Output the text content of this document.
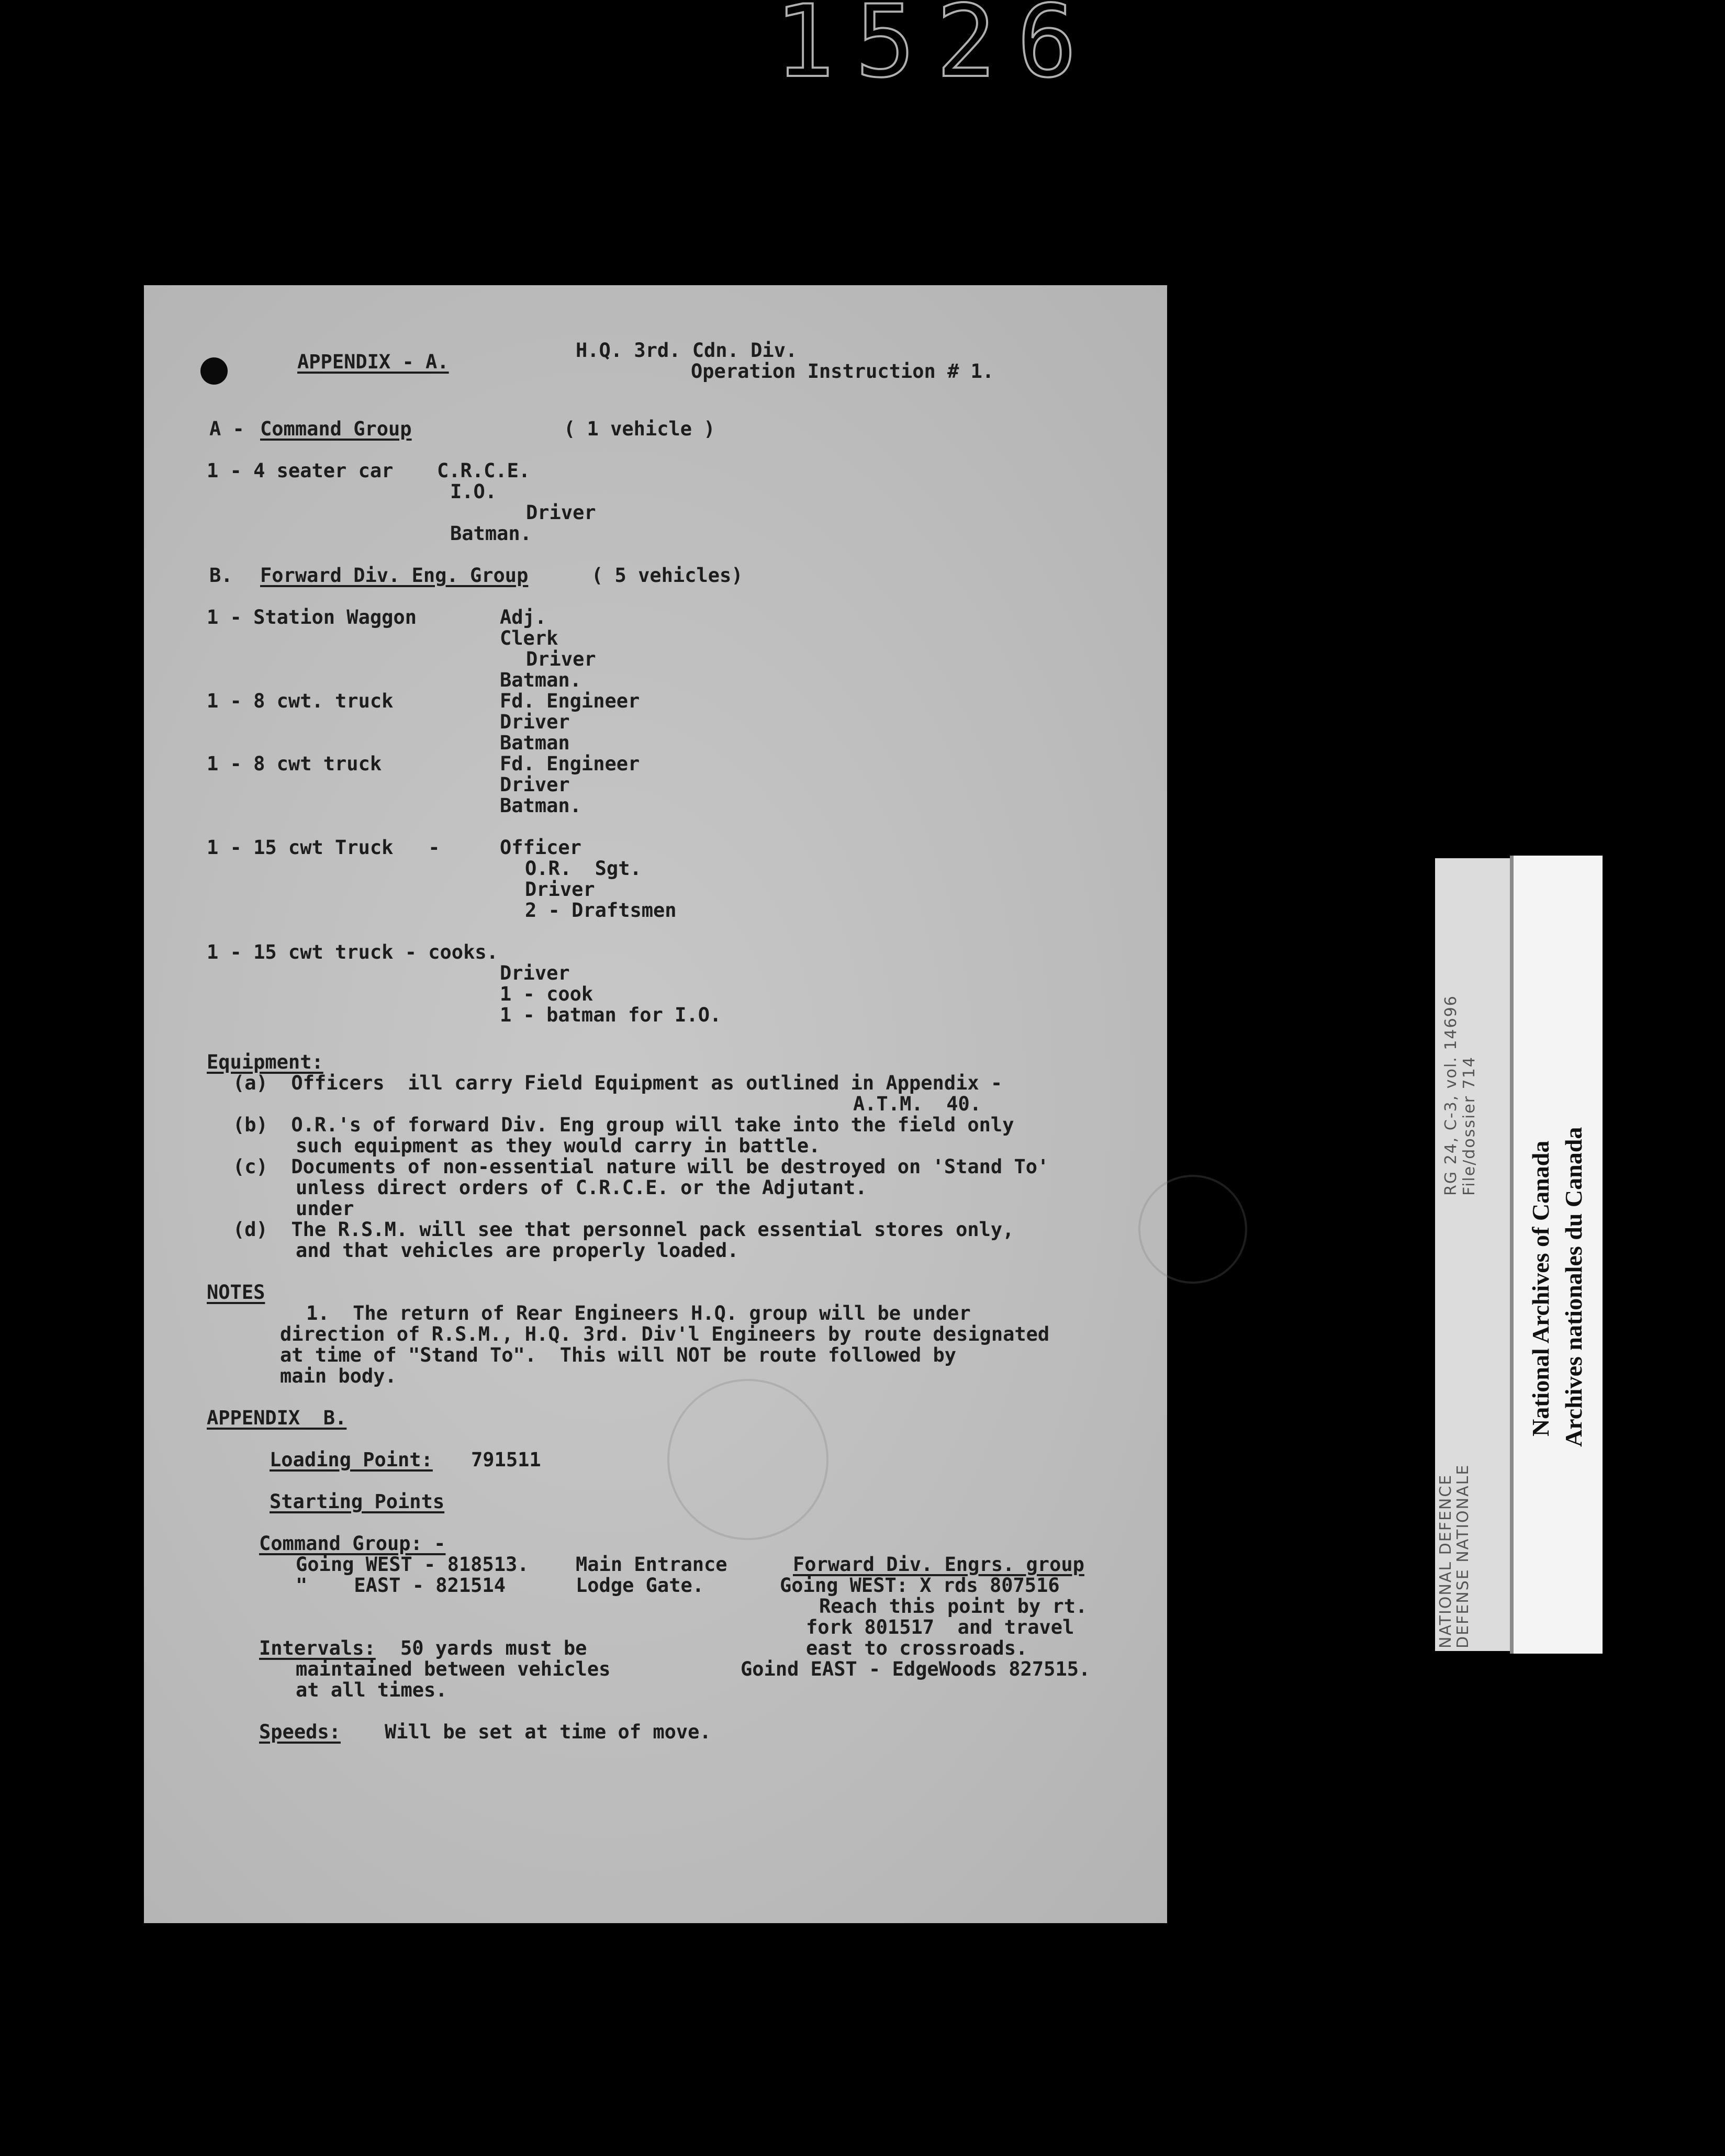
1526
APPENDIX - A.
H.Q. 3rd. Cdn. Div.
Operation Instruction # 1.
A - Command Group	( 1 vehicle )
1 - 4 seater car C.R.C.E.
I.O.
Driver
Batman.
B. Forward Div. Eng. Group	( 5 vehicles)
1 - Station Waggon	Adj.
Clerk
Driver
Batman.
1 - 8 cwt. truck	Fd. Engineer
Driver
Batman
1 - 8 cwt truck	Fd. Engineer
Driver
Batman.
1 - 15 cwt Truck   -	Officer
O.R.  Sgt.
Driver
2 - Draftsmen
1 - 15 cwt truck - cooks.
Driver
1 - cook
1 - batman for I.O.
Equipment:
(a)  Officers  ill carry Field Equipment as outlined in Appendix -
A.T.M.  40.
(b)  O.R.'s of forward Div. Eng group will take into the field only
such equipment as they would carry in battle.
(c)  Documents of non-essential nature will be destroyed on 'Stand To'
unless direct orders of C.R.C.E. or the Adjutant.
under
(d)  The R.S.M. will see that personnel pack essential stores only,
and that vehicles are properly loaded.
NOTES
1.  The return of Rear Engineers H.Q. group will be under
direction of R.S.M., H.Q. 3rd. Div'l Engineers by route designated
at time of "Stand To".  This will NOT be route followed by
main body.
APPENDIX  B.
Loading Point: 791511
Starting Points
Command Group: -
Going WEST - 818513.
"    EAST - 821514
Main Entrance
Lodge Gate.
Forward Div. Engrs. group
Going WEST: X rds 807516
Reach this point by rt.
fork 801517  and travel
east to crossroads.
Goind EAST - EdgeWoods 827515.
Intervals: 50 yards must be
maintained between vehicles
at all times.
Speeds: Will be set at time of move.
RG 24, C-3, vol. 14696 File/dossier 714
NATIONAL DEFENCE
DEFENSE NATIONALE
National Archives of Canada Archives nationales du Canada
